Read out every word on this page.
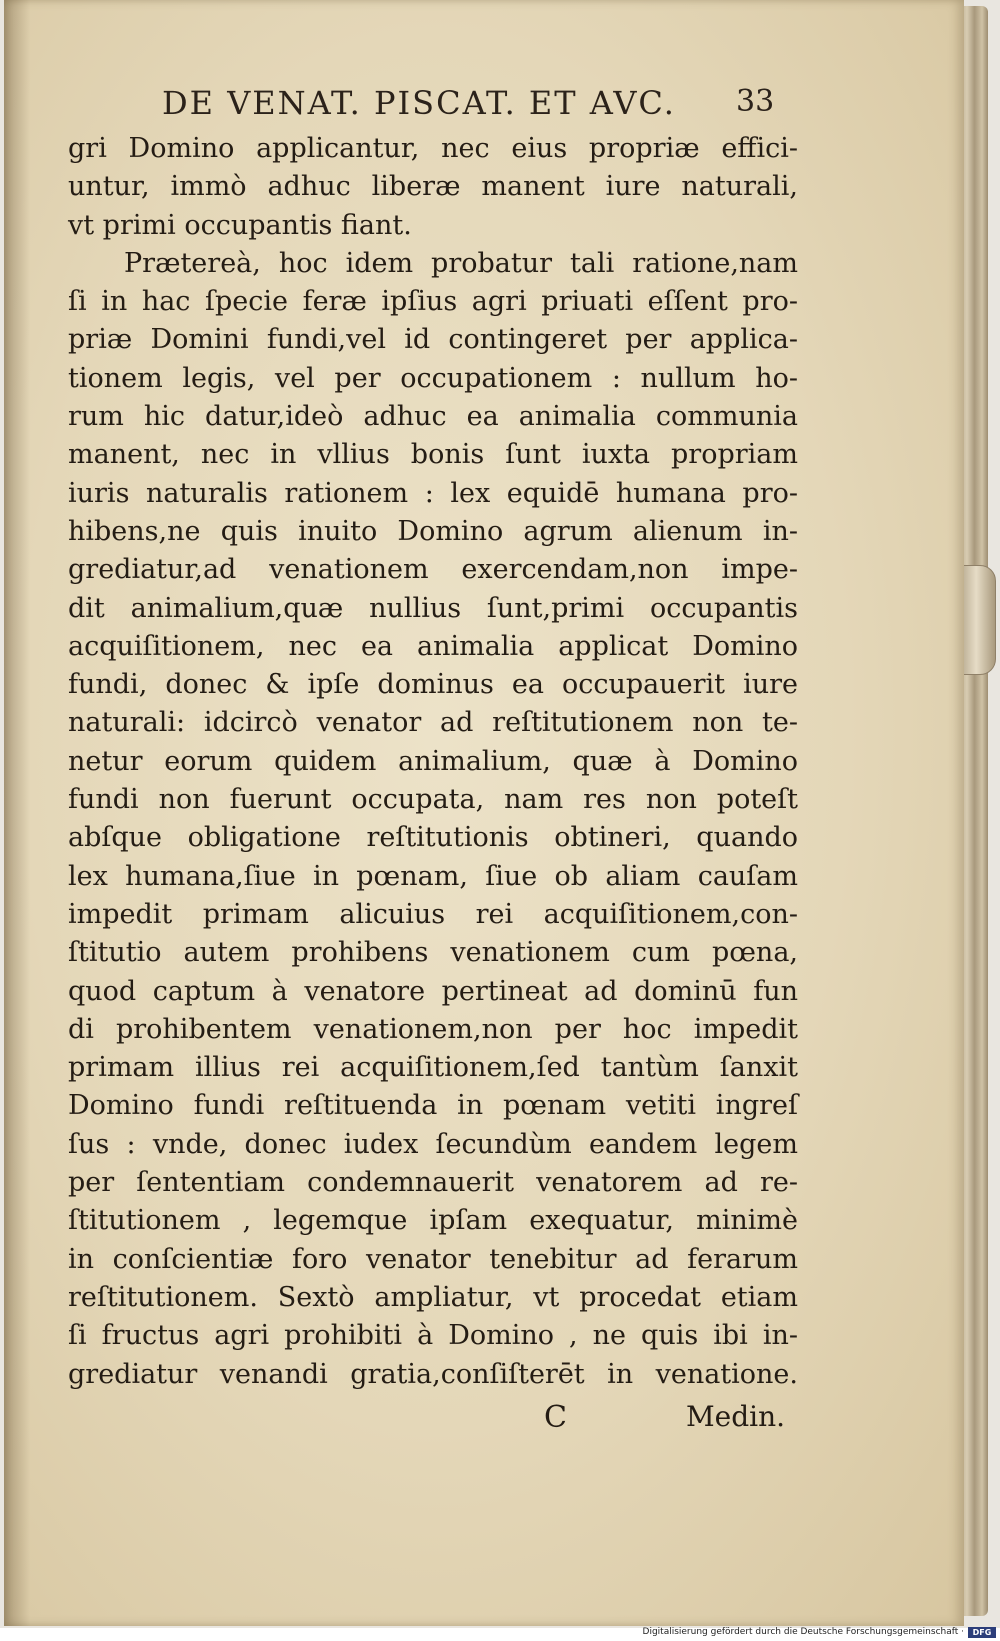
DE VENAT. PISCAT. ET AVC. 33
gri Domino applicantur, nec eius propriæ effici-
untur, immò adhuc liberæ manent iure naturali,
vt primi occupantis fiant.
Prætereà, hoc idem probatur tali ratione,nam
ſi in hac ſpecie feræ ipſius agri priuati eſſent pro-
priæ Domini fundi,vel id contingeret per applica-
tionem legis, vel per occupationem : nullum ho-
rum hic datur,ideò adhuc ea animalia communia
manent, nec in vllius bonis ſunt iuxta propriam
iuris naturalis rationem : lex equidē humana pro-
hibens,ne quis inuito Domino agrum alienum in-
grediatur,ad venationem exercendam,non impe-
dit animalium,quæ nullius ſunt,primi occupantis
acquiſitionem, nec ea animalia applicat Domino
fundi, donec & ipſe dominus ea occupauerit iure
naturali: idcircò venator ad reſtitutionem non te-
netur eorum quidem animalium, quæ à Domino
fundi non fuerunt occupata, nam res non poteſt
abſque obligatione reſtitutionis obtineri, quando
lex humana,ſiue in pœnam, ſiue ob aliam cauſam
impedit primam alicuius rei acquiſitionem,con-
ſtitutio autem prohibens venationem cum pœna,
quod captum à venatore pertineat ad dominū fun
di prohibentem venationem,non per hoc impedit
primam illius rei acquiſitionem,ſed tantùm ſanxit
Domino fundi reſtituenda in pœnam vetiti ingreſ
ſus : vnde, donec iudex ſecundùm eandem legem
per ſententiam condemnauerit venatorem ad re-
ſtitutionem , legemque ipſam exequatur, minimè
in conſcientiæ foro venator tenebitur ad ferarum
reſtitutionem. Sextò ampliatur, vt procedat etiam
ſi fructus agri prohibiti à Domino , ne quis ibi in-
grediatur venandi gratia,conſiſterēt in venatione.
C	Medin.
Digitalisierung gefördert durch die Deutsche Forschungsgemeinschaft ·	DFG
